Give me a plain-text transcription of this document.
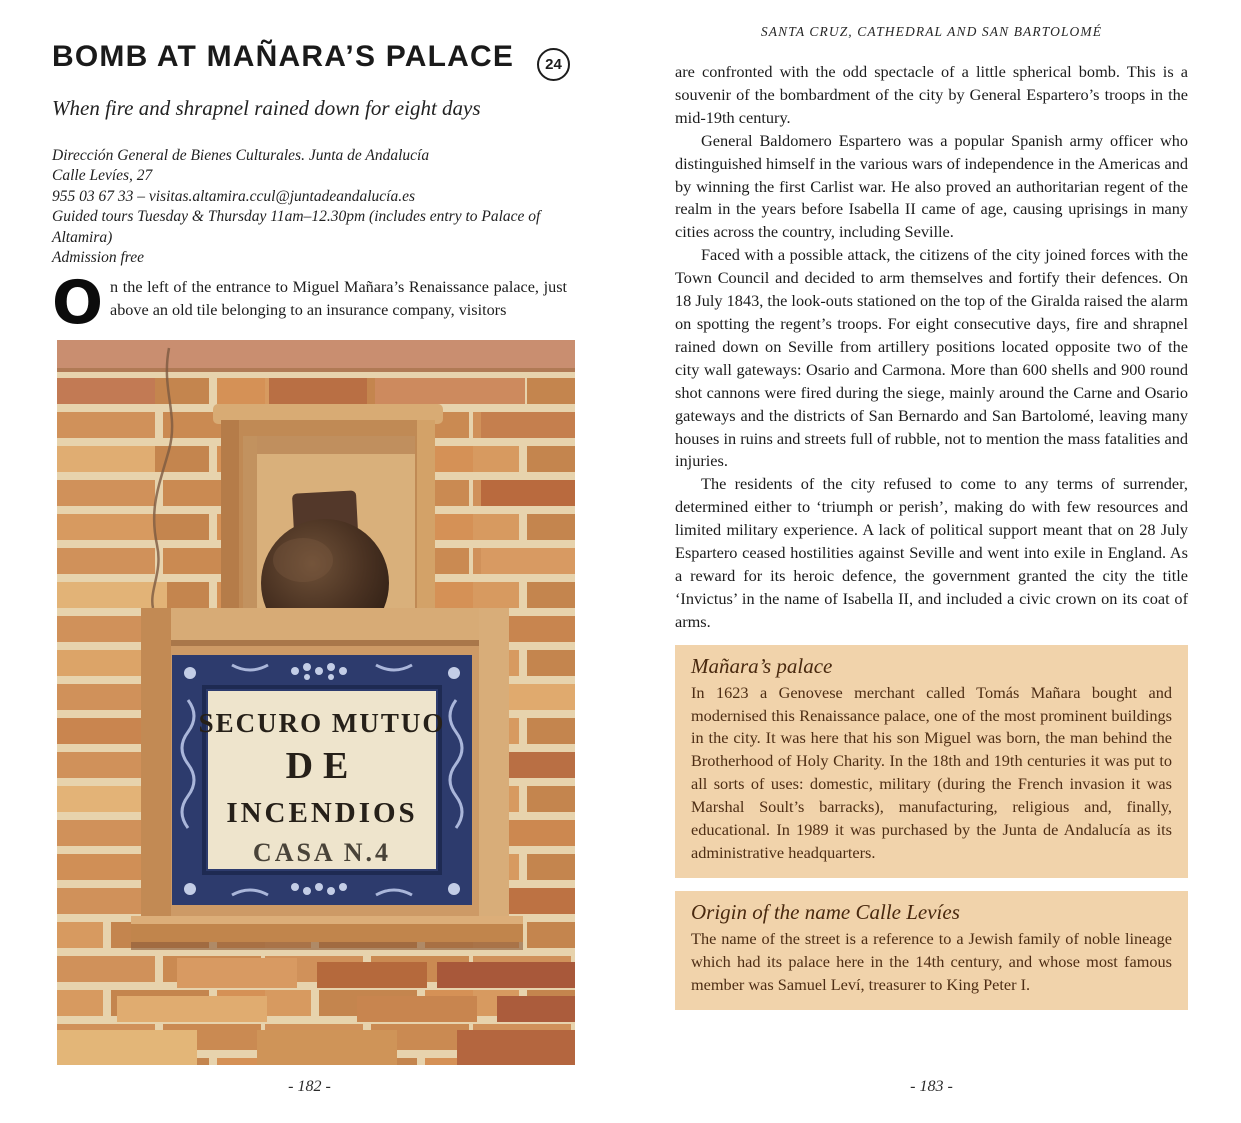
BOMB AT MAÑARA’S PALACE	24
When fire and shrapnel rained down for eight days
Dirección General de Bienes Culturales. Junta de Andalucía
Calle Levíes, 27
955 03 67 33 – visitas.altamira.ccul@juntadeandalucía.es
Guided tours Tuesday & Thursday 11am–12.30pm (includes entry to Palace of Altamira)
Admission free
On the left of the entrance to Miguel Mañara’s Renaissance palace, just above an old tile belonging to an insurance company, visitors
SECURO MUTUO
DE
INCENDIOS
CASA N.4
- 182 -
SANTA CRUZ, CATHEDRAL AND SAN BARTOLOMÉ

are confronted with the odd spectacle of a little spherical bomb. This is a souvenir of the bombardment of the city by General Espartero’s troops in the mid-19th century.

General Baldomero Espartero was a popular Spanish army officer who distinguished himself in the various wars of independence in the Americas and by winning the first Carlist war. He also proved an authoritarian regent of the realm in the years before Isabella II came of age, causing uprisings in many cities across the country, including Seville.

Faced with a possible attack, the citizens of the city joined forces with the Town Council and decided to arm themselves and fortify their defences. On 18 July 1843, the look-outs stationed on the top of the Giralda raised the alarm on spotting the regent’s troops. For eight consecutive days, fire and shrapnel rained down on Seville from artillery positions located opposite two of the city wall gateways: Osario and Carmona. More than 600 shells and 900 round shot cannons were fired during the siege, mainly around the Carne and Osario gateways and the districts of San Bernardo and San Bartolomé, leaving many houses in ruins and streets full of rubble, not to mention the mass fatalities and injuries.

The residents of the city refused to come to any terms of surrender, determined either to ‘triumph or perish’, making do with few resources and limited military experience. A lack of political support meant that on 28 July Espartero ceased hostilities against Seville and went into exile in England. As a reward for its heroic defence, the government granted the city the title ‘Invictus’ in the name of Isabella II, and included a civic crown on its coat of arms.

Mañara’s palace

In 1623 a Genovese merchant called Tomás Mañara bought and modernised this Renaissance palace, one of the most prominent buildings in the city. It was here that his son Miguel was born, the man behind the Brotherhood of Holy Charity. In the 18th and 19th centuries it was put to all sorts of uses: domestic, military (during the French invasion it was Marshal Soult’s barracks), manufacturing, religious and, finally, educational. In 1989 it was purchased by the Junta de Andalucía as its administrative headquarters.

Origin of the name Calle Levíes

The name of the street is a reference to a Jewish family of noble lineage which had its palace here in the 14th century, and whose most famous member was Samuel Leví, treasurer to King Peter I.

- 183 -
